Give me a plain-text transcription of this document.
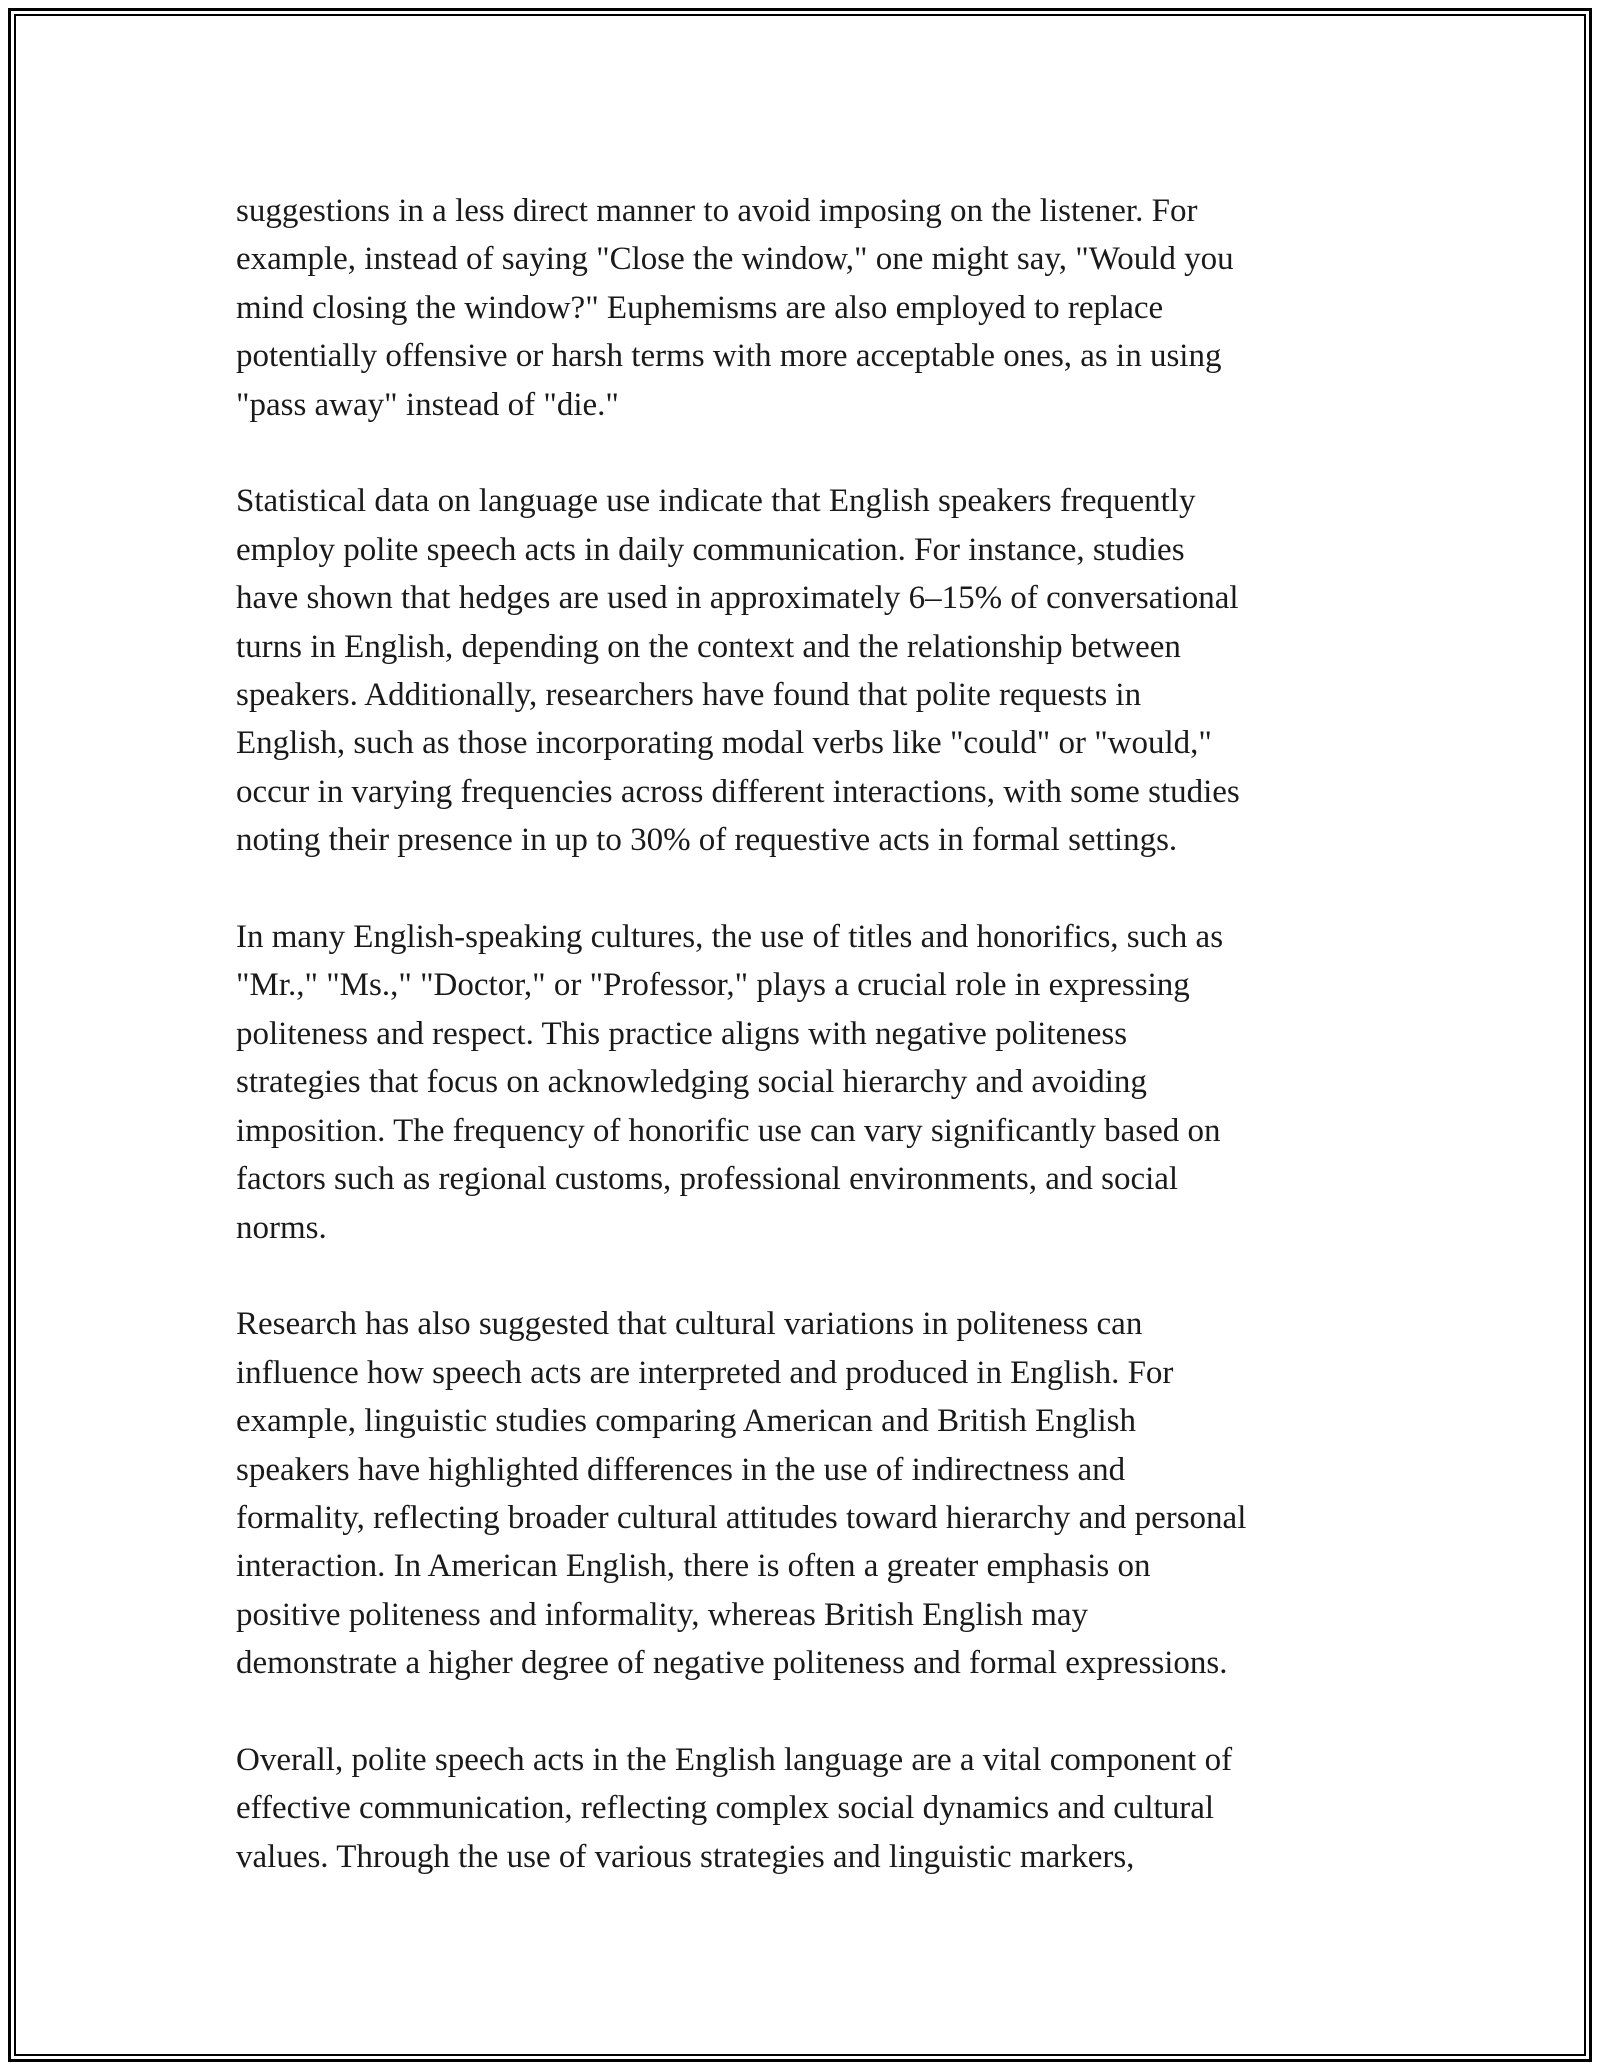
suggestions in a less direct manner to avoid imposing on the listener. For
example, instead of saying "Close the window," one might say, "Would you
mind closing the window?" Euphemisms are also employed to replace
potentially offensive or harsh terms with more acceptable ones, as in using
"pass away" instead of "die."

Statistical data on language use indicate that English speakers frequently
employ polite speech acts in daily communication. For instance, studies
have shown that hedges are used in approximately 6–15% of conversational
turns in English, depending on the context and the relationship between
speakers. Additionally, researchers have found that polite requests in
English, such as those incorporating modal verbs like "could" or "would,"
occur in varying frequencies across different interactions, with some studies
noting their presence in up to 30% of requestive acts in formal settings.

In many English-speaking cultures, the use of titles and honorifics, such as
"Mr.," "Ms.," "Doctor," or "Professor," plays a crucial role in expressing
politeness and respect. This practice aligns with negative politeness
strategies that focus on acknowledging social hierarchy and avoiding
imposition. The frequency of honorific use can vary significantly based on
factors such as regional customs, professional environments, and social
norms.

Research has also suggested that cultural variations in politeness can
influence how speech acts are interpreted and produced in English. For
example, linguistic studies comparing American and British English
speakers have highlighted differences in the use of indirectness and
formality, reflecting broader cultural attitudes toward hierarchy and personal
interaction. In American English, there is often a greater emphasis on
positive politeness and informality, whereas British English may
demonstrate a higher degree of negative politeness and formal expressions.

Overall, polite speech acts in the English language are a vital component of
effective communication, reflecting complex social dynamics and cultural
values. Through the use of various strategies and linguistic markers,
